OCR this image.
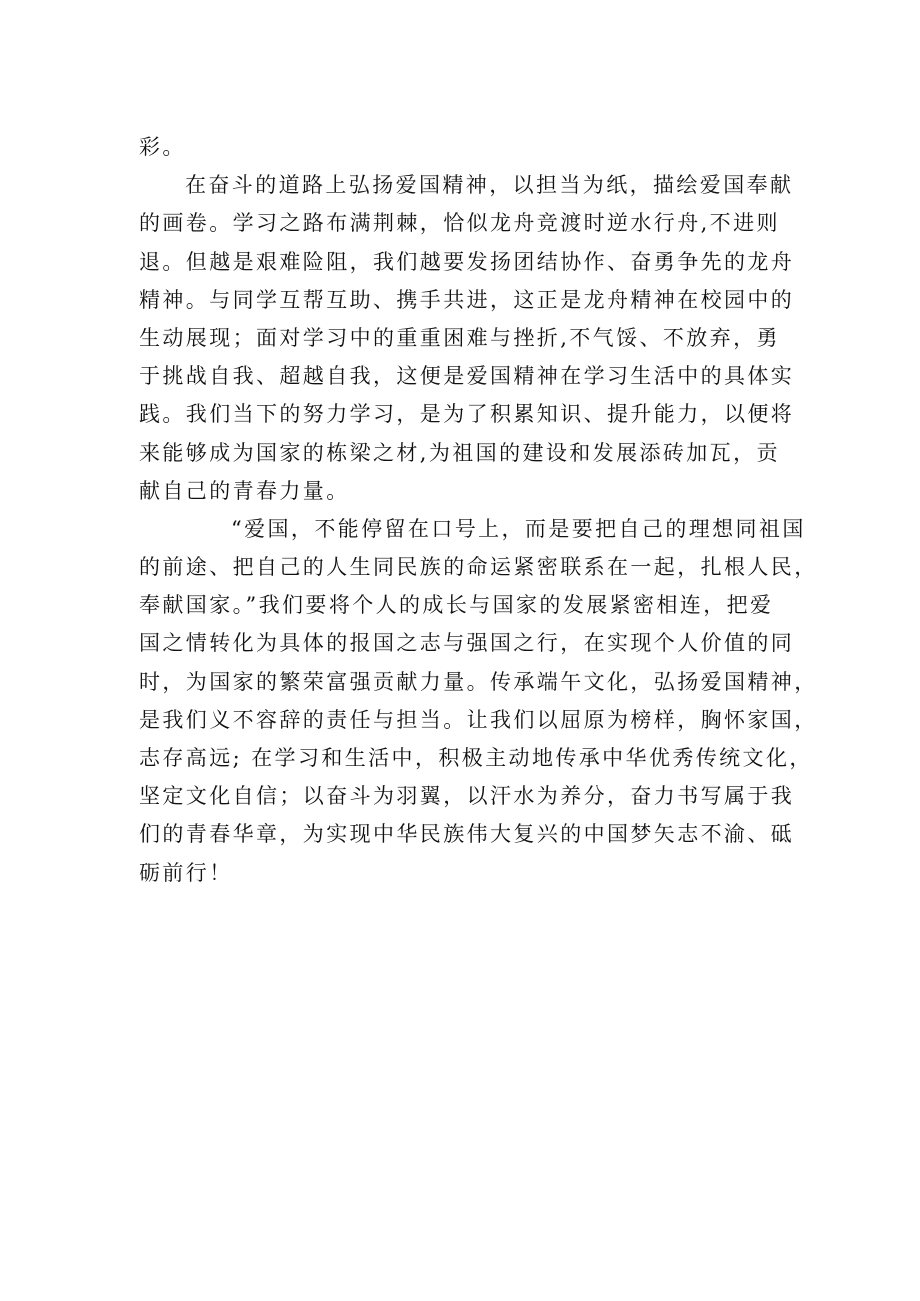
彩。
在奋斗的道路上弘扬爱国精神，以担当为纸，描绘爱国奉献
的画卷。学习之路布满荆棘，恰似龙舟竞渡时逆水行舟,不进则
退。但越是艰难险阻，我们越要发扬团结协作、奋勇争先的龙舟
精神。与同学互帮互助、携手共进，这正是龙舟精神在校园中的
生动展现；面对学习中的重重困难与挫折,不气馁、不放弃，勇
于挑战自我、超越自我，这便是爱国精神在学习生活中的具体实
践。我们当下的努力学习，是为了积累知识、提升能力，以便将
来能够成为国家的栋梁之材,为祖国的建设和发展添砖加瓦，贡
献自己的青春力量。
“爱国，不能停留在口号上，而是要把自己的理想同祖国
的前途、把自己的人生同民族的命运紧密联系在一起，扎根人民，
奉献国家。”我们要将个人的成长与国家的发展紧密相连，把爱
国之情转化为具体的报国之志与强国之行，在实现个人价值的同
时，为国家的繁荣富强贡献力量。传承端午文化，弘扬爱国精神，
是我们义不容辞的责任与担当。让我们以屈原为榜样，胸怀家国，
志存高远; 在学习和生活中，积极主动地传承中华优秀传统文化，
坚定文化自信；以奋斗为羽翼，以汗水为养分，奋力书写属于我
们的青春华章，为实现中华民族伟大复兴的中国梦矢志不渝、砥
砺前行！
